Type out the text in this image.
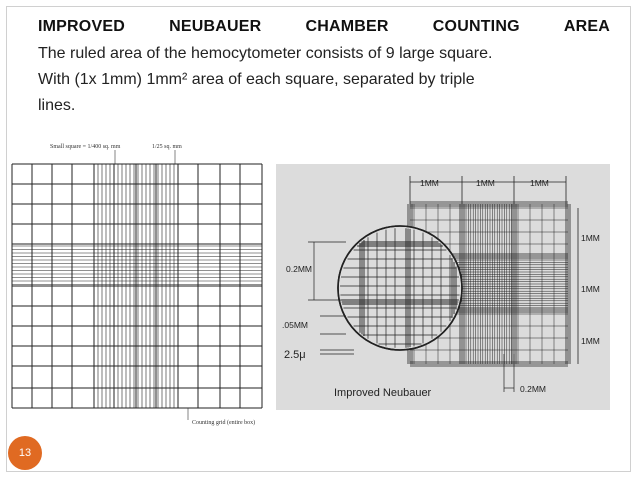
IMPROVED	NEUBAUER	CHAMBER	COUNTING	AREA

The ruled area of the hemocytometer consists of 9 large square.

With (1x 1mm) 1mm² area of each square, separated by triple

lines.

Small square = 1/400 sq. mm	1/25 sq. mm
Counting grid (entire box)
1MM	1MM	1MM
1MM
1MM
1MM
0.2MM
.05MM
2.5μ
0.2MM
Improved Neubauer
13
